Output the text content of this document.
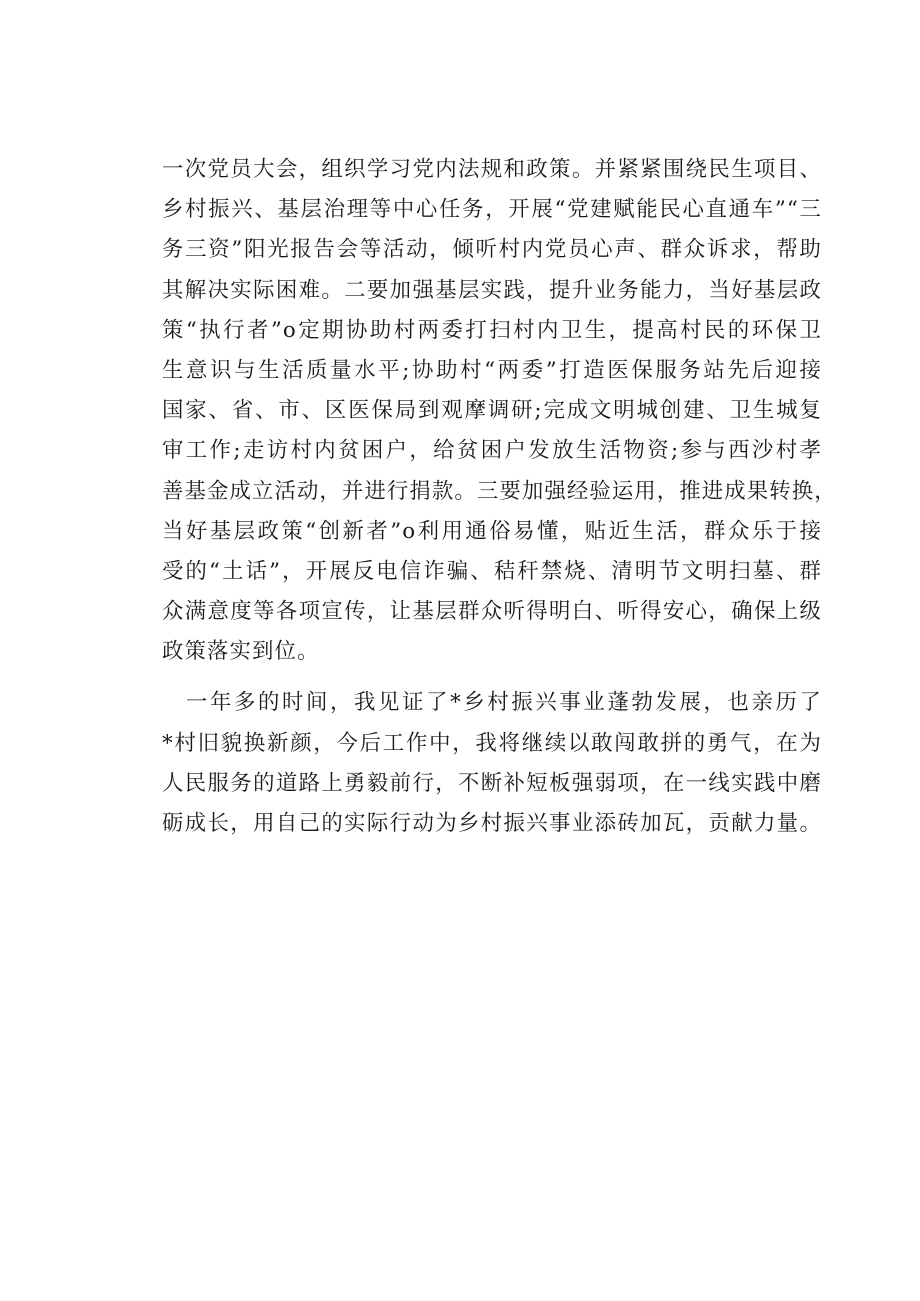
一次党员大会，组织学习党内法规和政策。并紧紧围绕民生项目、
乡村振兴、基层治理等中心任务，开展“党建赋能民心直通车”“三
务三资”阳光报告会等活动，倾听村内党员心声、群众诉求，帮助
其解决实际困难。二要加强基层实践，提升业务能力，当好基层政
策“执行者”o定期协助村两委打扫村内卫生，提高村民的环保卫
生意识与生活质量水平;协助村“两委”打造医保服务站先后迎接
国家、省、市、区医保局到观摩调研;完成文明城创建、卫生城复
审工作;走访村内贫困户，给贫困户发放生活物资;参与西沙村孝
善基金成立活动，并进行捐款。三要加强经验运用，推进成果转换，
当好基层政策“创新者”o利用通俗易懂，贴近生活，群众乐于接
受的“土话”，开展反电信诈骗、秸秆禁烧、清明节文明扫墓、群
众满意度等各项宣传，让基层群众听得明白、听得安心，确保上级
政策落实到位。
一年多的时间，我见证了*乡村振兴事业蓬勃发展，也亲历了
*村旧貌换新颜，今后工作中，我将继续以敢闯敢拼的勇气，在为
人民服务的道路上勇毅前行，不断补短板强弱项，在一线实践中磨
砺成长，用自己的实际行动为乡村振兴事业添砖加瓦，贡献力量。
